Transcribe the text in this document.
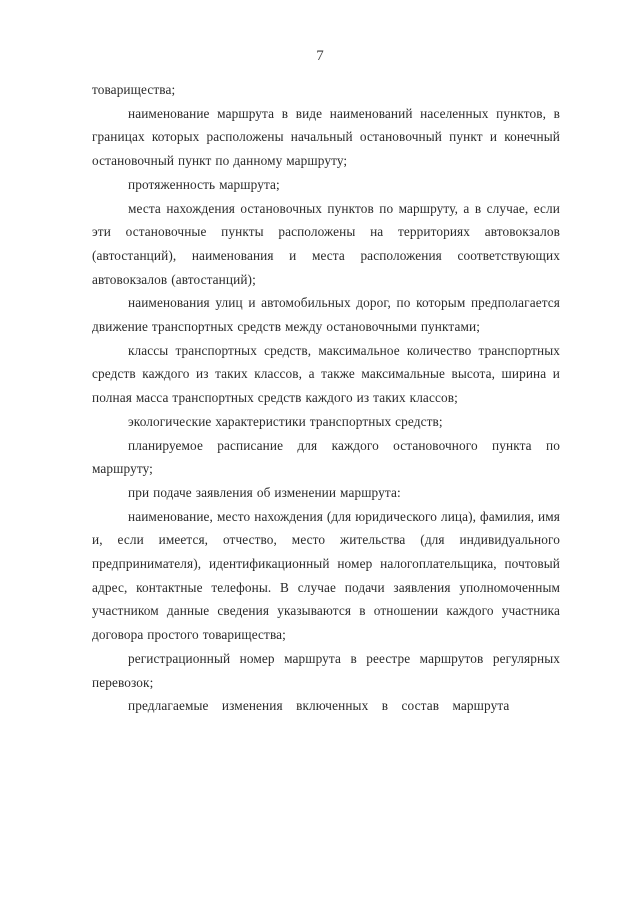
7

товарищества;

наименование маршрута в виде наименований населенных пунктов, в границах которых расположены начальный остановочный пункт и конечный остановочный пункт по данному маршруту;

протяженность маршрута;

места нахождения остановочных пунктов по маршруту, а в случае, если эти остановочные пункты расположены на территориях автовокзалов (автостанций), наименования и места расположения соответствующих автовокзалов (автостанций);

наименования улиц и автомобильных дорог, по которым предполагается движение транспортных средств между остановочными пунктами;

классы транспортных средств, максимальное количество транспортных средств каждого из таких классов, а также максимальные высота, ширина и полная масса транспортных средств каждого из таких классов;

экологические характеристики транспортных средств;

планируемое расписание для каждого остановочного пункта по маршруту;

при подаче заявления об изменении маршрута:

наименование, место нахождения (для юридического лица), фамилия, имя и, если имеется, отчество, место жительства (для индивидуального предпринимателя), идентификационный номер налогоплательщика, почтовый адрес, контактные телефоны. В случае подачи заявления уполномоченным участником данные сведения указываются в отношении каждого участника договора простого товарищества;

регистрационный номер маршрута в реестре маршрутов регулярных перевозок;

предлагаемые изменения включенных в состав маршрута
